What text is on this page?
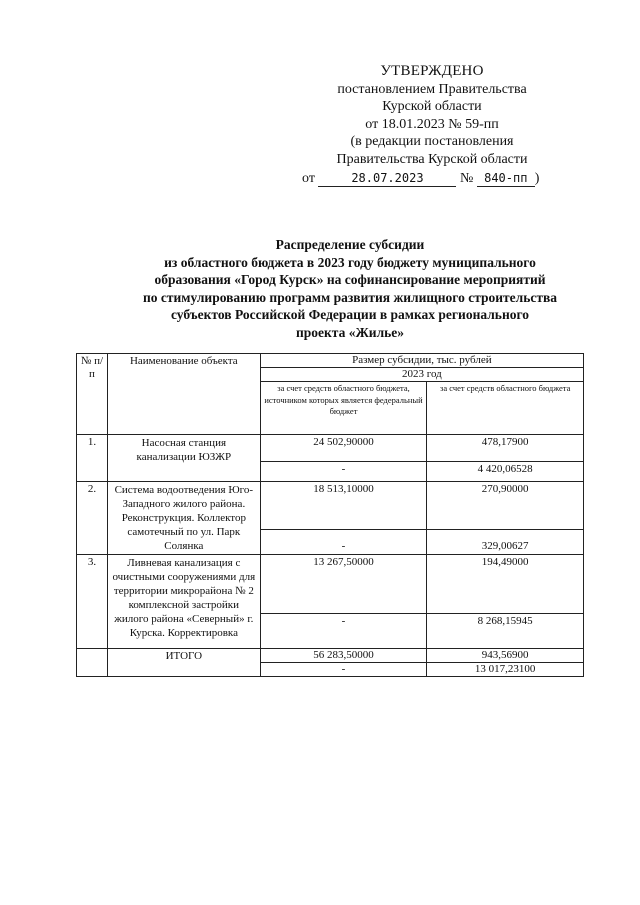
УТВЕРЖДЕНО
постановлением Правительства
Курской области
от 18.01.2023 № 59-пп
(в редакции постановления
Правительства Курской области
от	28.07.2023	№ 840-пп )
Распределение субсидии
из областного бюджета в 2023 году бюджету муниципального
образования «Город Курск» на софинансирование мероприятий
по стимулированию программ развития жилищного строительства
субъектов Российской Федерации в рамках регионального
проекта «Жилье»
№ п/п	Наименование объекта	Размер субсидии, тыс. рублей	
		2023 год	
		за счет средств областного бюджета, источником которых является федеральный бюджет	за счет средств областного бюджета
1.	Насосная станция канализации ЮЗЖР	24 502,90000	478,17900
		-	4 420,06528
2.	Система водоотведения Юго-Западного жилого района. Реконструкция. Коллектор самотечный по ул. Парк Солянка	18 513,10000	270,90000
		-	329,00627
3.	Ливневая канализация с очистными сооружениями для территории микрорайона № 2 комплексной застройки жилого района «Северный» г. Курска. Корректировка	13 267,50000	194,49000
		-	8 268,15945
	ИТОГО	56 283,50000	943,56900
		-	13 017,23100
